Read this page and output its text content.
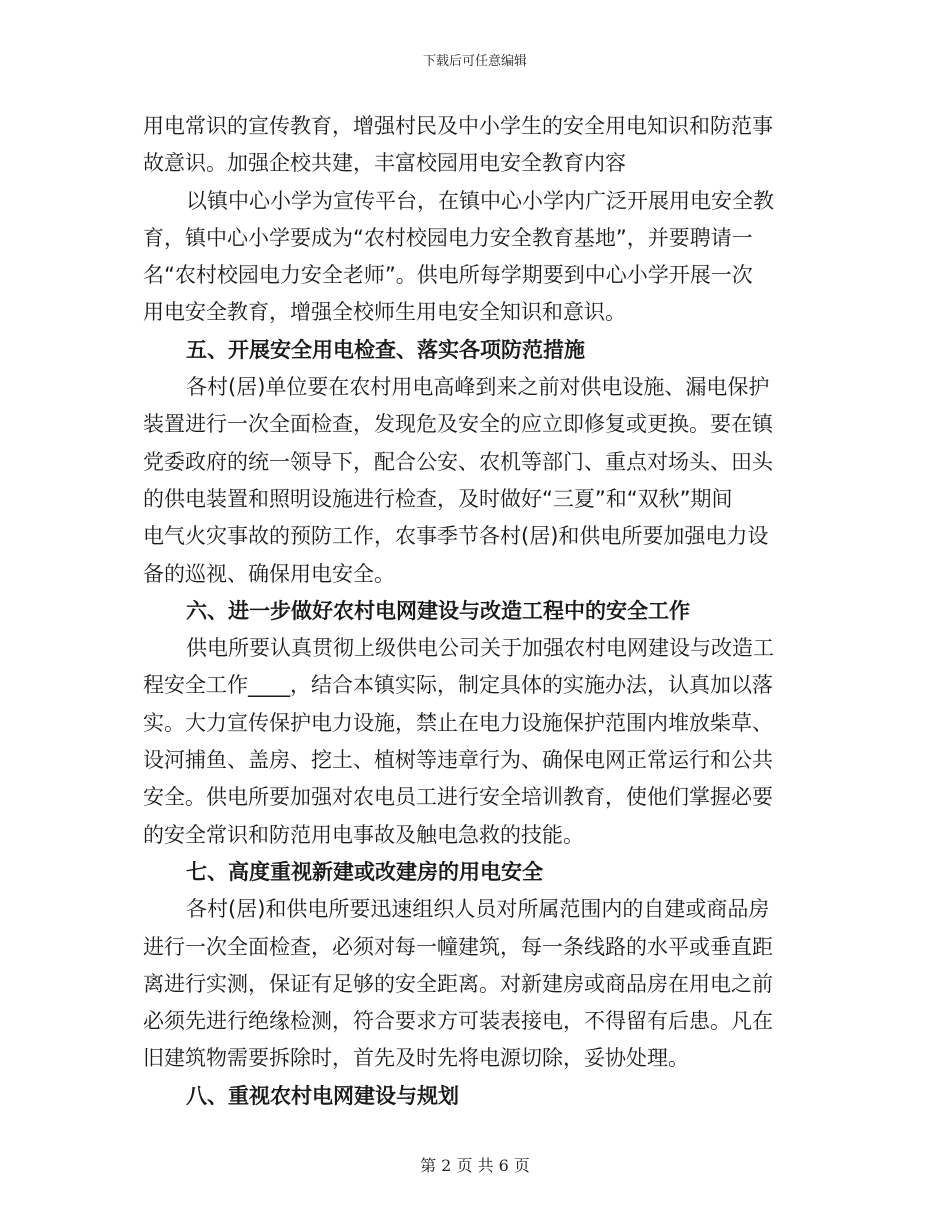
下载后可任意编辑
用电常识的宣传教育，增强村民及中小学生的安全用电知识和防范事
故意识。加强企校共建，丰富校园用电安全教育内容
以镇中心小学为宣传平台，在镇中心小学内广泛开展用电安全教
育，镇中心小学要成为“农村校园电力安全教育基地”，并要聘请一
名“农村校园电力安全老师”。供电所每学期要到中心小学开展一次
用电安全教育，增强全校师生用电安全知识和意识。
五、开展安全用电检查、落实各项防范措施
各村(居)单位要在农村用电高峰到来之前对供电设施、漏电保护
装置进行一次全面检查，发现危及安全的应立即修复或更换。要在镇
党委政府的统一领导下，配合公安、农机等部门、重点对场头、田头
的供电装置和照明设施进行检查，及时做好“三夏”和“双秋”期间
电气火灾事故的预防工作，农事季节各村(居)和供电所要加强电力设
备的巡视、确保用电安全。
六、进一步做好农村电网建设与改造工程中的安全工作
供电所要认真贯彻上级供电公司关于加强农村电网建设与改造工
程安全工作____，结合本镇实际，制定具体的实施办法，认真加以落
实。大力宣传保护电力设施，禁止在电力设施保护范围内堆放柴草、
设河捕鱼、盖房、挖土、植树等违章行为、确保电网正常运行和公共
安全。供电所要加强对农电员工进行安全培训教育，使他们掌握必要
的安全常识和防范用电事故及触电急救的技能。
七、高度重视新建或改建房的用电安全
各村(居)和供电所要迅速组织人员对所属范围内的自建或商品房
进行一次全面检查，必须对每一幢建筑，每一条线路的水平或垂直距
离进行实测，保证有足够的安全距离。对新建房或商品房在用电之前
必须先进行绝缘检测，符合要求方可装表接电，不得留有后患。凡在
旧建筑物需要拆除时，首先及时先将电源切除，妥协处理。
八、重视农村电网建设与规划
第 2 页 共 6 页
